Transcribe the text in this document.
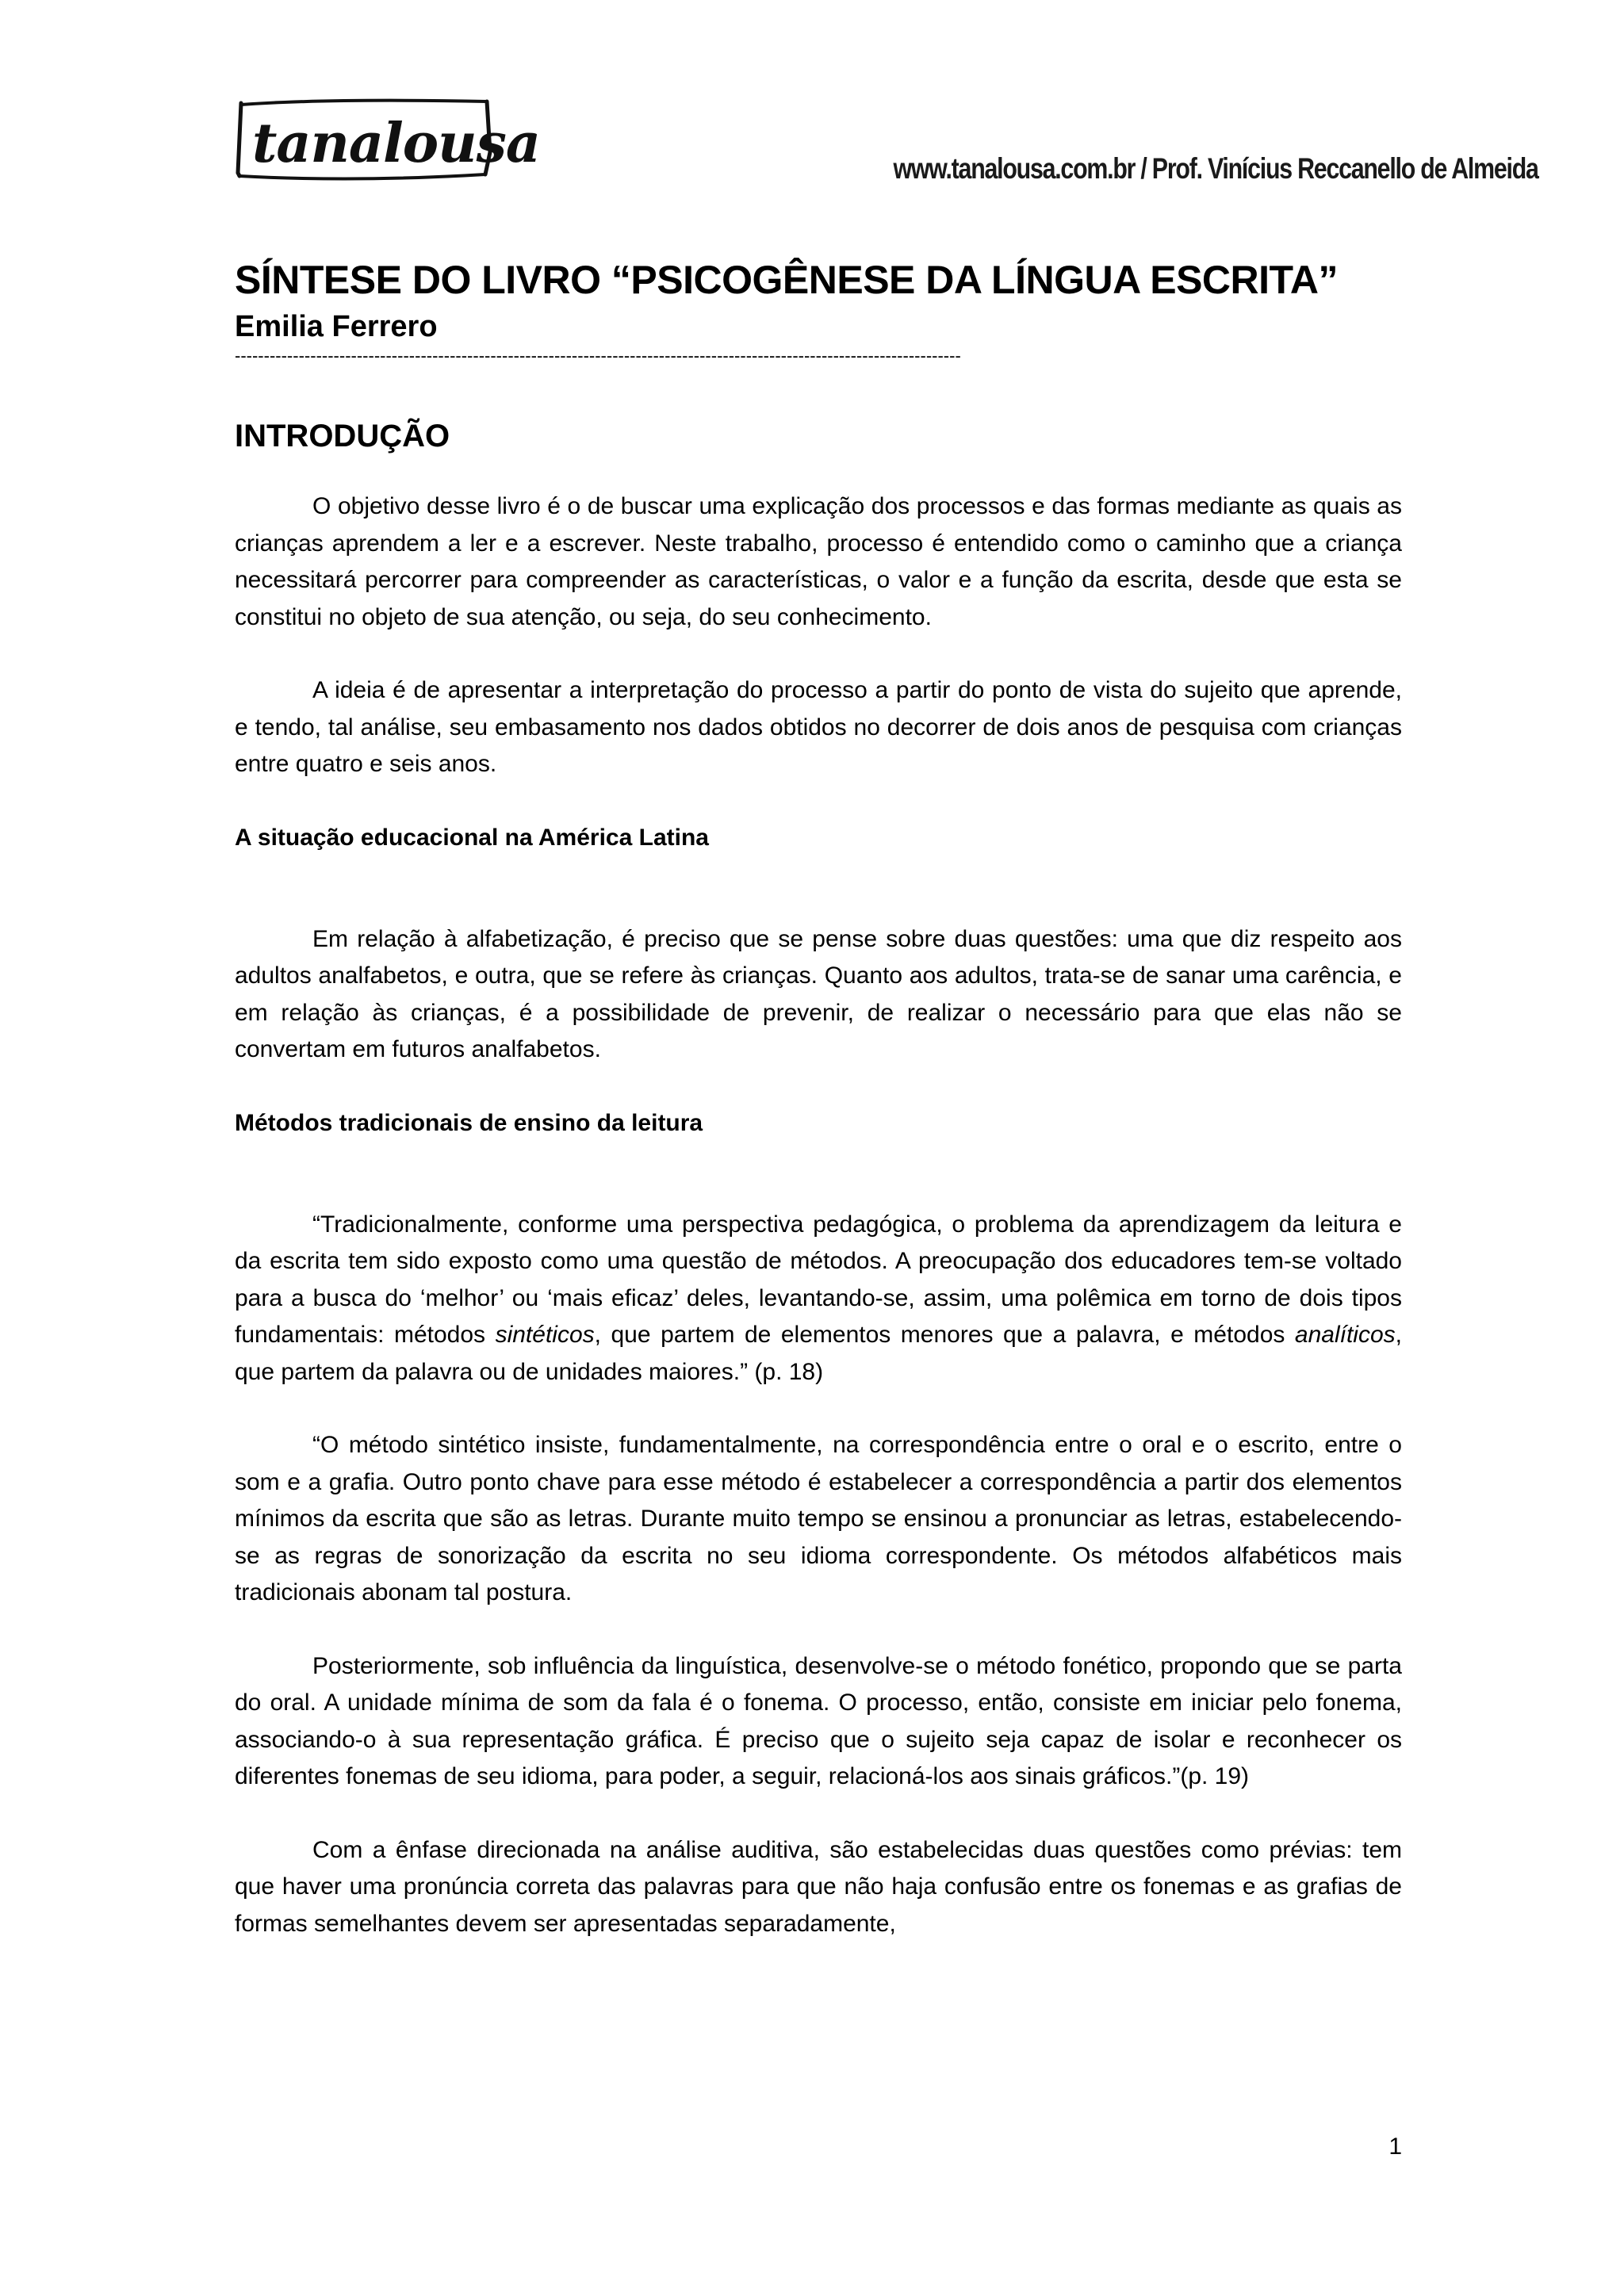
tanalousa	www.tanalousa.com.br / Prof. Vinícius Reccanello de Almeida
SÍNTESE DO LIVRO “PSICOGÊNESE DA LÍNGUA ESCRITA”
Emilia Ferrero
-----------------------------------------------------------------------------------------------------------------------------
INTRODUÇÃO

O objetivo desse livro é o de buscar uma explicação dos processos e das formas mediante as quais as crianças aprendem a ler e a escrever. Neste trabalho, processo é entendido como o caminho que a criança necessitará percorrer para compreender as características, o valor e a função da escrita, desde que esta se constitui no objeto de sua atenção, ou seja, do seu conhecimento.

A ideia é de apresentar a interpretação do processo a partir do ponto de vista do sujeito que aprende, e tendo, tal análise, seu embasamento nos dados obtidos no decorrer de dois anos de pesquisa com crianças entre quatro e seis anos.

A situação educacional na América Latina

Em relação à alfabetização, é preciso que se pense sobre duas questões: uma que diz respeito aos adultos analfabetos, e outra, que se refere às crianças. Quanto aos adultos, trata-se de sanar uma carência, e em relação às crianças, é a possibilidade de prevenir, de realizar o necessário para que elas não se convertam em futuros analfabetos.

Métodos tradicionais de ensino da leitura

“Tradicionalmente, conforme uma perspectiva pedagógica, o problema da aprendizagem da leitura e da escrita tem sido exposto como uma questão de métodos. A preocupação dos educadores tem-se voltado para a busca do ‘melhor’ ou ‘mais eficaz’ deles, levantando-se, assim, uma polêmica em torno de dois tipos fundamentais: métodos sintéticos, que partem de elementos menores que a palavra, e métodos analíticos, que partem da palavra ou de unidades maiores.” (p. 18)

“O método sintético insiste, fundamentalmente, na correspondência entre o oral e o escrito, entre o som e a grafia. Outro ponto chave para esse método é estabelecer a correspondência a partir dos elementos mínimos da escrita que são as letras. Durante muito tempo se ensinou a pronunciar as letras, estabelecendo-se as regras de sonorização da escrita no seu idioma correspondente. Os métodos alfabéticos mais tradicionais abonam tal postura.

Posteriormente, sob influência da linguística, desenvolve-se o método fonético, propondo que se parta do oral. A unidade mínima de som da fala é o fonema. O processo, então, consiste em iniciar pelo fonema, associando-o à sua representação gráfica. É preciso que o sujeito seja capaz de isolar e reconhecer os diferentes fonemas de seu idioma, para poder, a seguir, relacioná-los aos sinais gráficos.”(p. 19)

Com a ênfase direcionada na análise auditiva, são estabelecidas duas questões como prévias: tem que haver uma pronúncia correta das palavras para que não haja confusão entre os fonemas e as grafias de formas semelhantes devem ser apresentadas separadamente,

1
